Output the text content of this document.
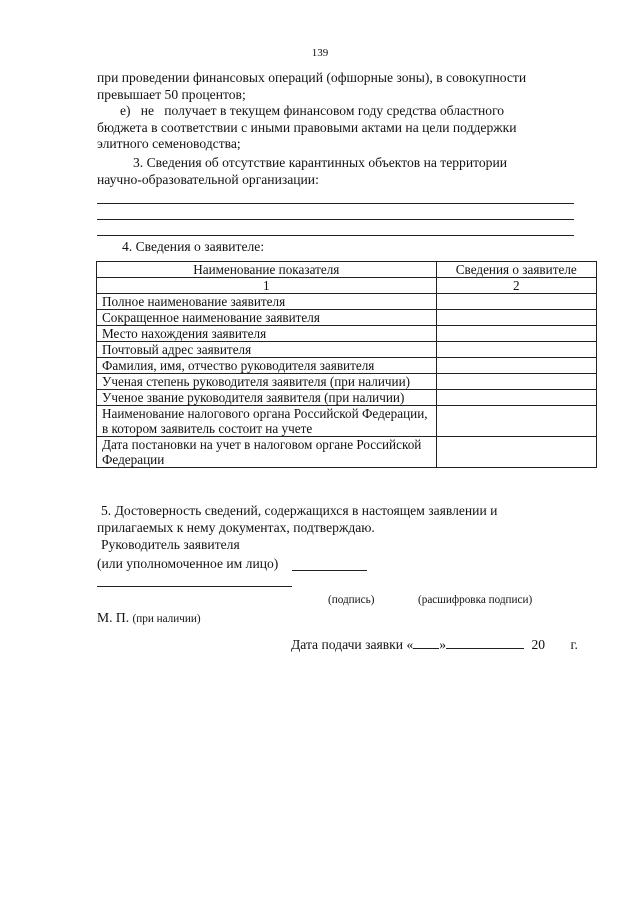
139
при проведении финансовых операций (офшорные зоны), в совокупности
превышает 50 процентов;
е)   не   получает в текущем финансовом году средства областного
бюджета в соответствии с иными правовыми актами на цели поддержки
элитного семеноводства;
3. Сведения об отсутствие карантинных объектов на территории
научно-образовательной организации:
4. Сведения о заявителе:
Наименование показателя	Сведения о заявителе
1	2
Полное наименование заявителя	
Сокращенное наименование заявителя	
Место нахождения заявителя	
Почтовый адрес заявителя	
Фамилия, имя, отчество руководителя заявителя	
Ученая степень руководителя заявителя (при наличии)	
Ученое звание руководителя заявителя (при наличии)	
Наименование налогового органа Российской Федерации, в котором заявитель состоит на учете	
Дата постановки на учет в налоговом органе Российской Федерации	
5. Достоверность сведений, содержащихся в настоящем заявлении и
прилагаемых к нему документах, подтверждаю.
Руководитель заявителя
(или уполномоченное им лицо)
(подпись)	(расшифровка подписи)
М. П. (при наличии)
Дата подачи заявки « »	20 г.
